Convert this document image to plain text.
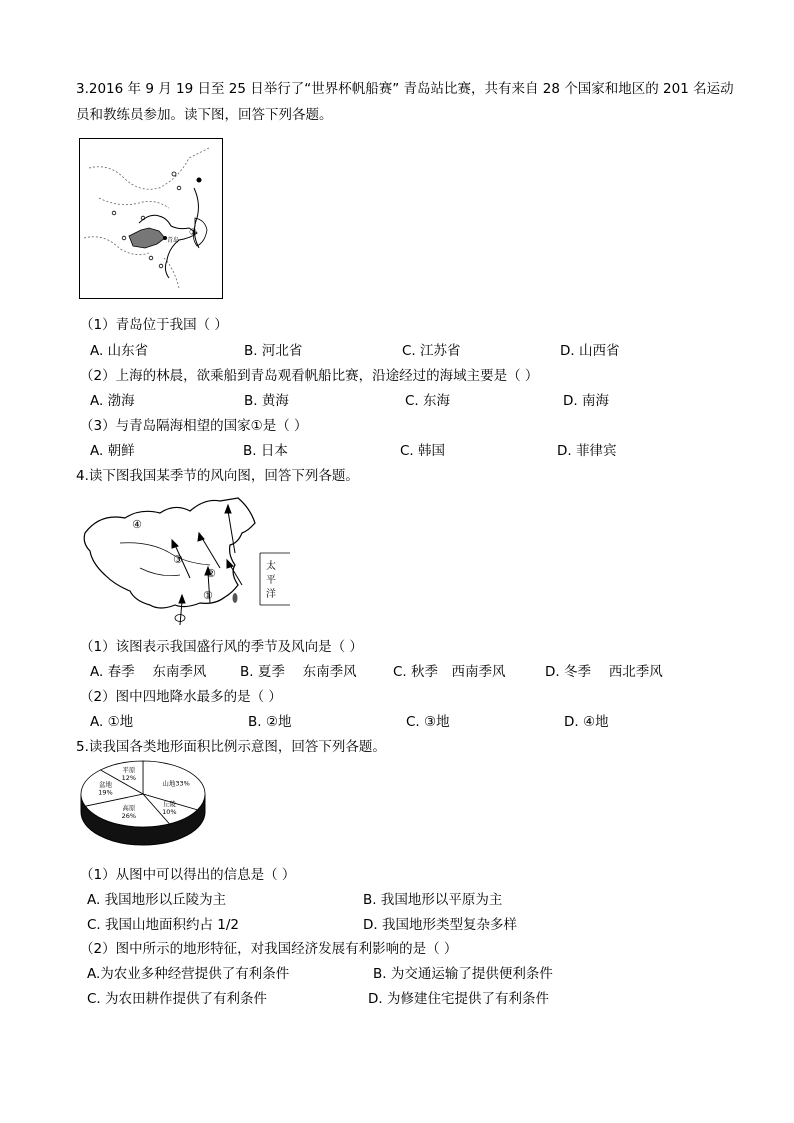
3.2016 年 9 月 19 日至 25 日举行了“世界杯帆船赛” 青岛站比赛，共有来自 28 个国家和地区的 201 名运动
员和教练员参加。读下图，回答下列各题。
青岛
①
（1）青岛位于我国（ ）
A. 山东省	B. 河北省	C. 江苏省	D. 山西省
（2）上海的林晨，欲乘船到青岛观看帆船比赛，沿途经过的海域主要是（ ）
A. 渤海	B. 黄海	C. 东海	D. 南海
（3）与青岛隔海相望的国家①是（ ）
A. 朝鲜	B. 日本	C. 韩国	D. 菲律宾
4.读下图我国某季节的风向图，回答下列各题。
太
平
洋
④
③
②
①
（1）该图表示我国盛行风的季节及风向是（ ）
A. 春季　 东南季风 B. 夏季　 东南季风	C. 秋季　西南季风	D. 冬季　 西北季风
（2）图中四地降水最多的是（ ）
A. ①地	B. ②地	C. ③地	D. ④地
5.读我国各类地形面积比例示意图，回答下列各题。
山地33%
丘陵 10%
高原 26%
盆地 19%
平原 12%
（1）从图中可以得出的信息是（ ）
A. 我国地形以丘陵为主	B. 我国地形以平原为主
C. 我国山地面积约占 1/2	D. 我国地形类型复杂多样
（2）图中所示的地形特征，对我国经济发展有利影响的是（ ）
A.为农业多种经营提供了有利条件	B. 为交通运输了提供便利条件
C. 为农田耕作提供了有利条件	D. 为修建住宅提供了有利条件
